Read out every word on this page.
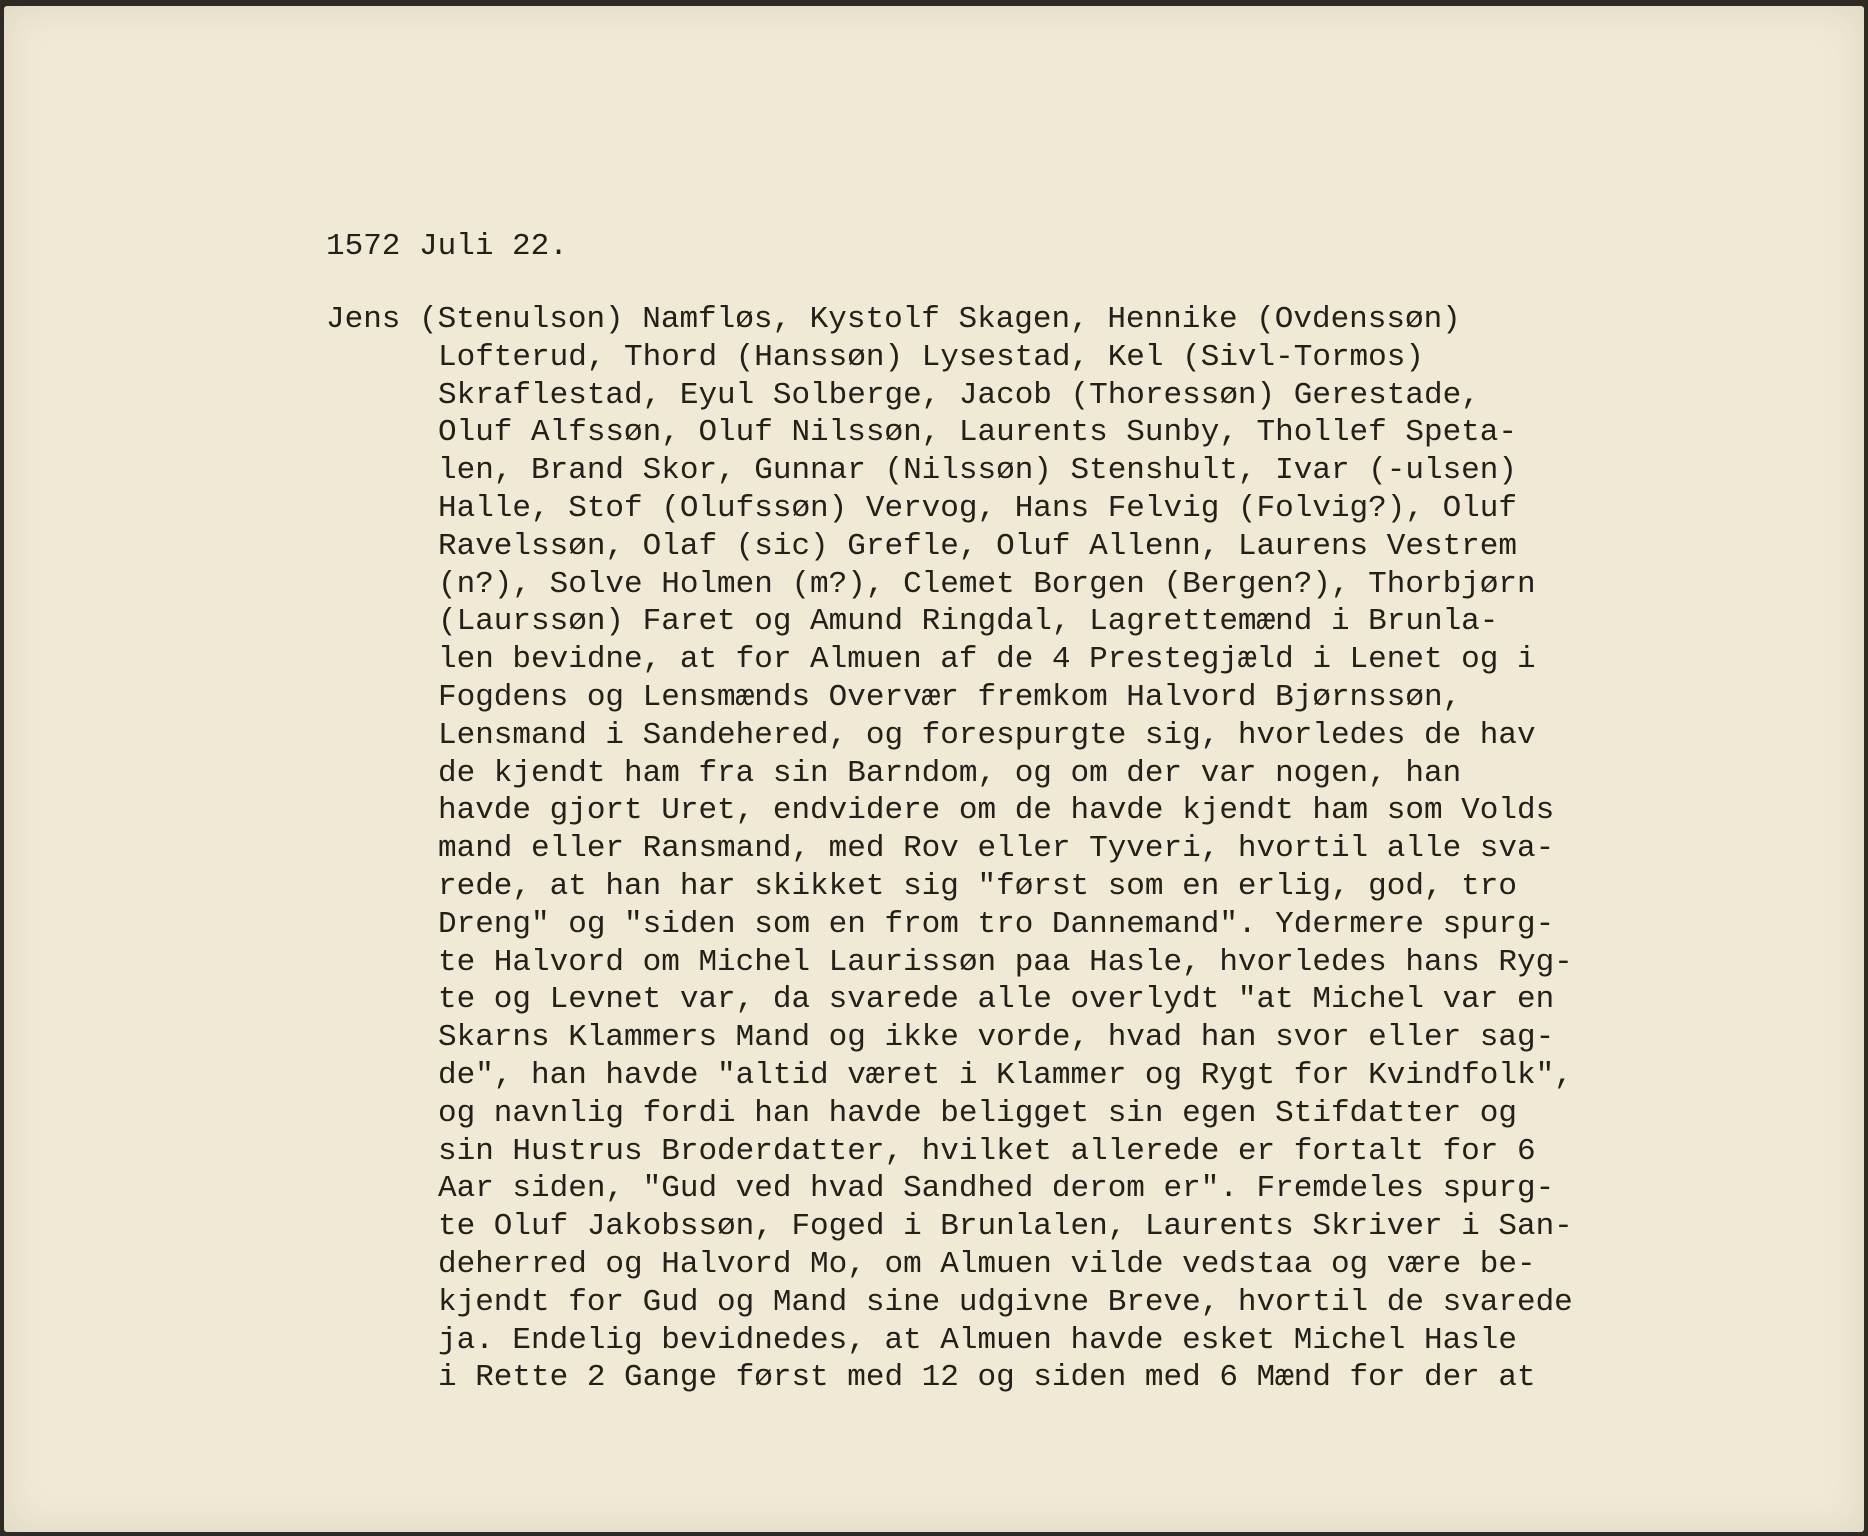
1572 Juli 22.

Jens (Stenulson) Namfløs, Kystolf Skagen, Hennike (Ovdenssøn)

Lofterud, Thord (Hanssøn) Lysestad, Kel (Sivl-Tormos)

Skraflestad, Eyul Solberge, Jacob (Thoressøn) Gerestade,

Oluf Alfssøn, Oluf Nilssøn, Laurents Sunby, Thollef Speta-

len, Brand Skor, Gunnar (Nilssøn) Stenshult, Ivar (-ulsen)

Halle, Stof (Olufssøn) Vervog, Hans Felvig (Folvig?), Oluf

Ravelssøn, Olaf (sic) Grefle, Oluf Allenn, Laurens Vestrem

(n?), Solve Holmen (m?), Clemet Borgen (Bergen?), Thorbjørn

(Laurssøn) Faret og Amund Ringdal, Lagrettemænd i Brunla-

len bevidne, at for Almuen af de 4 Prestegjæld i Lenet og i

Fogdens og Lensmænds Overvær fremkom Halvord Bjørnssøn,

Lensmand i Sandehered, og forespurgte sig, hvorledes de hav

de kjendt ham fra sin Barndom, og om der var nogen, han

havde gjort Uret, endvidere om de havde kjendt ham som Volds

mand eller Ransmand, med Rov eller Tyveri, hvortil alle sva-

rede, at han har skikket sig "først som en erlig, god, tro

Dreng" og "siden som en from tro Dannemand". Ydermere spurg-

te Halvord om Michel Laurissøn paa Hasle, hvorledes hans Ryg-

te og Levnet var, da svarede alle overlydt "at Michel var en

Skarns Klammers Mand og ikke vorde, hvad han svor eller sag-

de", han havde "altid været i Klammer og Rygt for Kvindfolk",

og navnlig fordi han havde beligget sin egen Stifdatter og

sin Hustrus Broderdatter, hvilket allerede er fortalt for 6

Aar siden, "Gud ved hvad Sandhed derom er". Fremdeles spurg-

te Oluf Jakobssøn, Foged i Brunlalen, Laurents Skriver i San-

deherred og Halvord Mo, om Almuen vilde vedstaa og være be-

kjendt for Gud og Mand sine udgivne Breve, hvortil de svarede

ja. Endelig bevidnedes, at Almuen havde esket Michel Hasle

i Rette 2 Gange først med 12 og siden med 6 Mænd for der at
